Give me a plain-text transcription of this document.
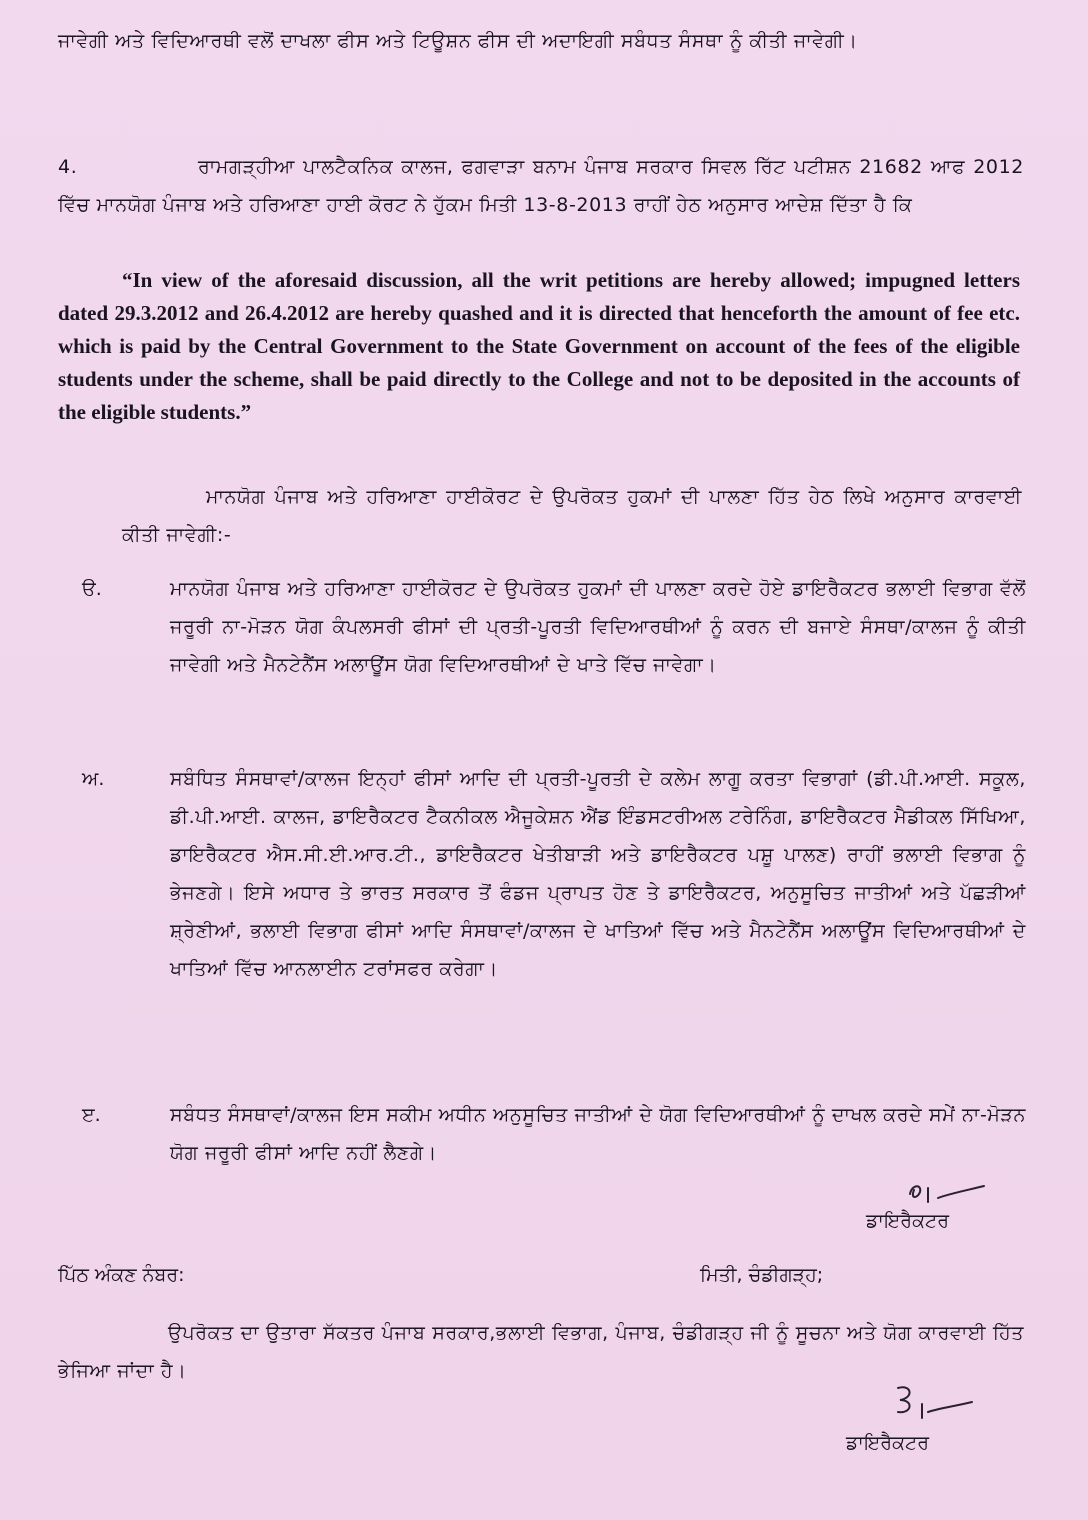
ਜਾਵੇਗੀ ਅਤੇ ਵਿਦਿਆਰਥੀ ਵਲੋਂ ਦਾਖਲਾ ਫੀਸ ਅਤੇ ਟਿਊਸ਼ਨ ਫੀਸ ਦੀ ਅਦਾਇਗੀ ਸਬੰਧਤ ਸੰਸਥਾ ਨੂੰ ਕੀਤੀ ਜਾਵੇਗੀ।
4.	ਰਾਮਗੜ੍ਹੀਆ ਪਾਲਟੈਕਨਿਕ ਕਾਲਜ, ਫਗਵਾੜਾ ਬਨਾਮ ਪੰਜਾਬ ਸਰਕਾਰ ਸਿਵਲ ਰਿੱਟ ਪਟੀਸ਼ਨ 21682 ਆਫ 2012 ਵਿੱਚ ਮਾਨਯੋਗ ਪੰਜਾਬ ਅਤੇ ਹਰਿਆਣਾ ਹਾਈ ਕੋਰਟ ਨੇ ਹੁੱਕਮ ਮਿਤੀ 13-8-2013 ਰਾਹੀਂ ਹੇਠ ਅਨੁਸਾਰ ਆਦੇਸ਼ ਦਿੱਤਾ ਹੈ ਕਿ
“In view of the aforesaid discussion, all the writ petitions are hereby allowed; impugned letters dated 29.3.2012 and 26.4.2012 are hereby quashed and it is directed that henceforth the amount of fee etc. which is paid by the Central Government to the State Government on account of the fees of the eligible students under the scheme, shall be paid directly to the College and not to be deposited in the accounts of the eligible students.”
ਮਾਨਯੋਗ ਪੰਜਾਬ ਅਤੇ ਹਰਿਆਣਾ ਹਾਈਕੋਰਟ ਦੇ ਉਪਰੋਕਤ ਹੁਕਮਾਂ ਦੀ ਪਾਲਣਾ ਹਿੱਤ ਹੇਠ ਲਿਖੇ ਅਨੁਸਾਰ ਕਾਰਵਾਈ ਕੀਤੀ ਜਾਵੇਗੀ:-
ੳ.	ਮਾਨਯੋਗ ਪੰਜਾਬ ਅਤੇ ਹਰਿਆਣਾ ਹਾਈਕੋਰਟ ਦੇ ਉਪਰੋਕਤ ਹੁਕਮਾਂ ਦੀ ਪਾਲਣਾ ਕਰਦੇ ਹੋਏ ਡਾਇਰੈਕਟਰ ਭਲਾਈ ਵਿਭਾਗ ਵੱਲੋਂ ਜਰੂਰੀ ਨਾ-ਮੋੜਨ ਯੋਗ ਕੰਪਲਸਰੀ ਫੀਸਾਂ ਦੀ ਪ੍ਰਤੀ-ਪੂਰਤੀ ਵਿਦਿਆਰਥੀਆਂ ਨੂੰ ਕਰਨ ਦੀ ਬਜਾਏ ਸੰਸਥਾ/ਕਾਲਜ ਨੂੰ ਕੀਤੀ ਜਾਵੇਗੀ ਅਤੇ ਮੈਨਟੇਨੈਂਸ ਅਲਾਊਂਸ ਯੋਗ ਵਿਦਿਆਰਥੀਆਂ ਦੇ ਖਾਤੇ ਵਿੱਚ ਜਾਵੇਗਾ।
ਅ.	ਸਬੰਧਿਤ ਸੰਸਥਾਵਾਂ/ਕਾਲਜ ਇਨ੍ਹਾਂ ਫੀਸਾਂ ਆਦਿ ਦੀ ਪ੍ਰਤੀ-ਪੂਰਤੀ ਦੇ ਕਲੇਮ ਲਾਗੂ ਕਰਤਾ ਵਿਭਾਗਾਂ (ਡੀ.ਪੀ.ਆਈ. ਸਕੂਲ, ਡੀ.ਪੀ.ਆਈ. ਕਾਲਜ, ਡਾਇਰੈਕਟਰ ਟੈਕਨੀਕਲ ਐਜੂਕੇਸ਼ਨ ਐਂਡ ਇੰਡਸਟਰੀਅਲ ਟਰੇਨਿੰਗ, ਡਾਇਰੈਕਟਰ ਮੈਡੀਕਲ ਸਿੱਖਿਆ, ਡਾਇਰੈਕਟਰ ਐਸ.ਸੀ.ਈ.ਆਰ.ਟੀ., ਡਾਇਰੈਕਟਰ ਖੇਤੀਬਾੜੀ ਅਤੇ ਡਾਇਰੈਕਟਰ ਪਸ਼ੂ ਪਾਲਣ) ਰਾਹੀਂ ਭਲਾਈ ਵਿਭਾਗ ਨੂੰ ਭੇਜਣਗੇ। ਇਸੇ ਅਧਾਰ ਤੇ ਭਾਰਤ ਸਰਕਾਰ ਤੋਂ ਫੰਡਜ ਪ੍ਰਾਪਤ ਹੋਣ ਤੇ ਡਾਇਰੈਕਟਰ, ਅਨੁਸੂਚਿਤ ਜਾਤੀਆਂ ਅਤੇ ਪੱਛੜੀਆਂ ਸ਼੍ਰੇਣੀਆਂ, ਭਲਾਈ ਵਿਭਾਗ ਫੀਸਾਂ ਆਦਿ ਸੰਸਥਾਵਾਂ/ਕਾਲਜ ਦੇ ਖਾਤਿਆਂ ਵਿੱਚ ਅਤੇ ਮੈਨਟੇਨੈਂਸ ਅਲਾਊਂਸ ਵਿਦਿਆਰਥੀਆਂ ਦੇ ਖਾਤਿਆਂ ਵਿੱਚ ਆਨਲਾਈਨ ਟਰਾਂਸਫਰ ਕਰੇਗਾ।
ੲ.	ਸਬੰਧਤ ਸੰਸਥਾਵਾਂ/ਕਾਲਜ ਇਸ ਸਕੀਮ ਅਧੀਨ ਅਨੁਸੂਚਿਤ ਜਾਤੀਆਂ ਦੇ ਯੋਗ ਵਿਦਿਆਰਥੀਆਂ ਨੂੰ ਦਾਖਲ ਕਰਦੇ ਸਮੇਂ ਨਾ-ਮੋੜਨ ਯੋਗ ਜਰੂਰੀ ਫੀਸਾਂ ਆਦਿ ਨਹੀਂ ਲੈਣਗੇ।
ਡਾਇਰੈਕਟਰ
ਪਿੱਠ ਅੰਕਣ ਨੰਬਰ:	ਮਿਤੀ, ਚੰਡੀਗੜ੍ਹ;
ਉਪਰੋਕਤ ਦਾ ਉਤਾਰਾ ਸੱਕਤਰ ਪੰਜਾਬ ਸਰਕਾਰ,ਭਲਾਈ ਵਿਭਾਗ, ਪੰਜਾਬ, ਚੰਡੀਗੜ੍ਹ ਜੀ ਨੂੰ ਸੂਚਨਾ ਅਤੇ ਯੋਗ ਕਾਰਵਾਈ ਹਿੱਤ ਭੇਜਿਆ ਜਾਂਦਾ ਹੈ।
ਡਾਇਰੈਕਟਰ
